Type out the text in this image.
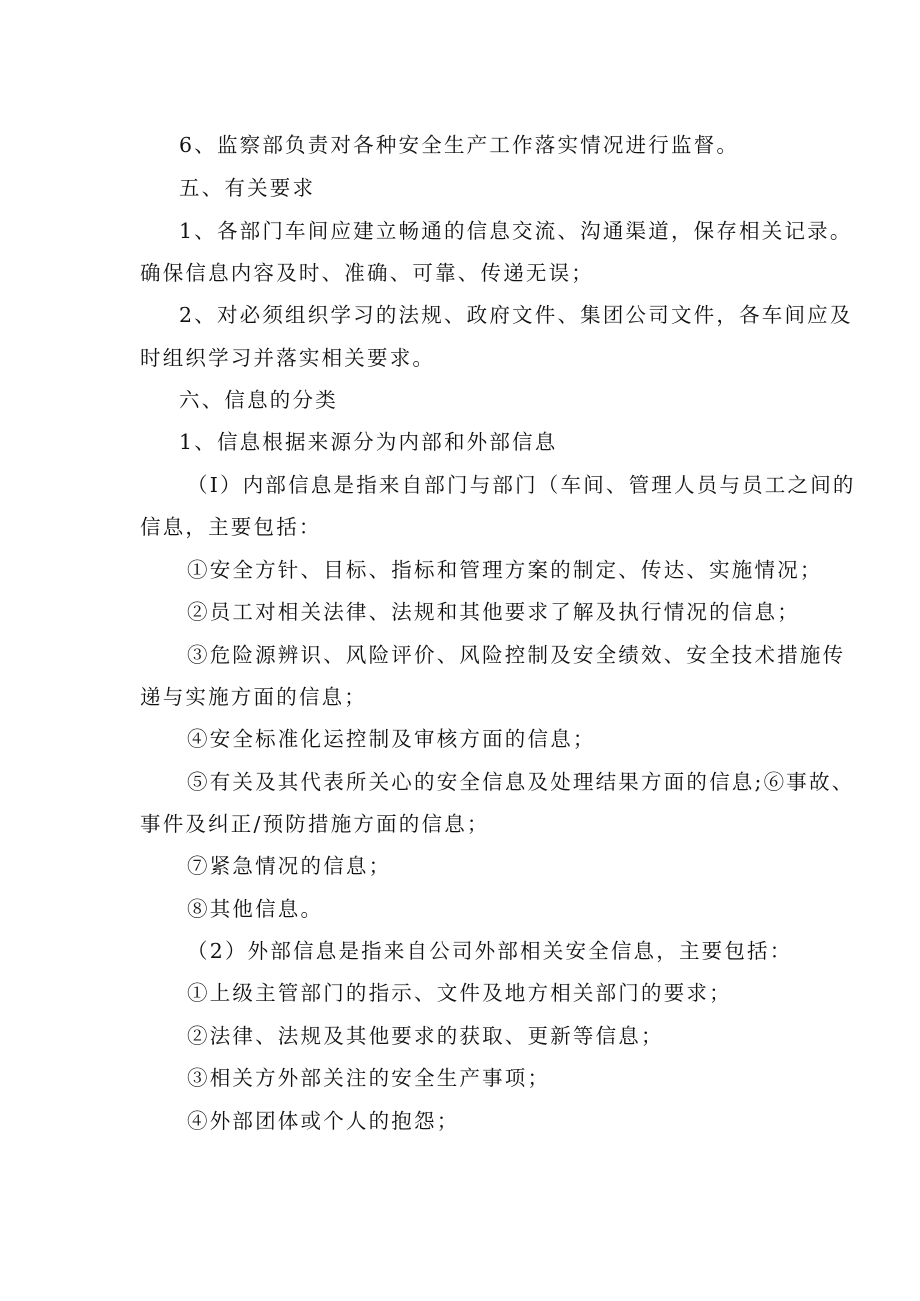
6、监察部负责对各种安全生产工作落实情况进行监督。
五、有关要求
1、各部门车间应建立畅通的信息交流、沟通渠道，保存相关记录。
确保信息内容及时、准确、可靠、传递无误；
2、对必须组织学习的法规、政府文件、集团公司文件，各车间应及
时组织学习并落实相关要求。
六、信息的分类
1、信息根据来源分为内部和外部信息
（I）内部信息是指来自部门与部门（车间、管理人员与员工之间的
信息，主要包括：
①安全方针、目标、指标和管理方案的制定、传达、实施情况；
②员工对相关法律、法规和其他要求了解及执行情况的信息；
③危险源辨识、风险评价、风险控制及安全绩效、安全技术措施传
递与实施方面的信息；
④安全标准化运控制及审核方面的信息；
⑤有关及其代表所关心的安全信息及处理结果方面的信息;⑥事故、
事件及纠正/预防措施方面的信息；
⑦紧急情况的信息；
⑧其他信息。
（2）外部信息是指来自公司外部相关安全信息，主要包括：
①上级主管部门的指示、文件及地方相关部门的要求；
②法律、法规及其他要求的获取、更新等信息；
③相关方外部关注的安全生产事项；
④外部团体或个人的抱怨；
